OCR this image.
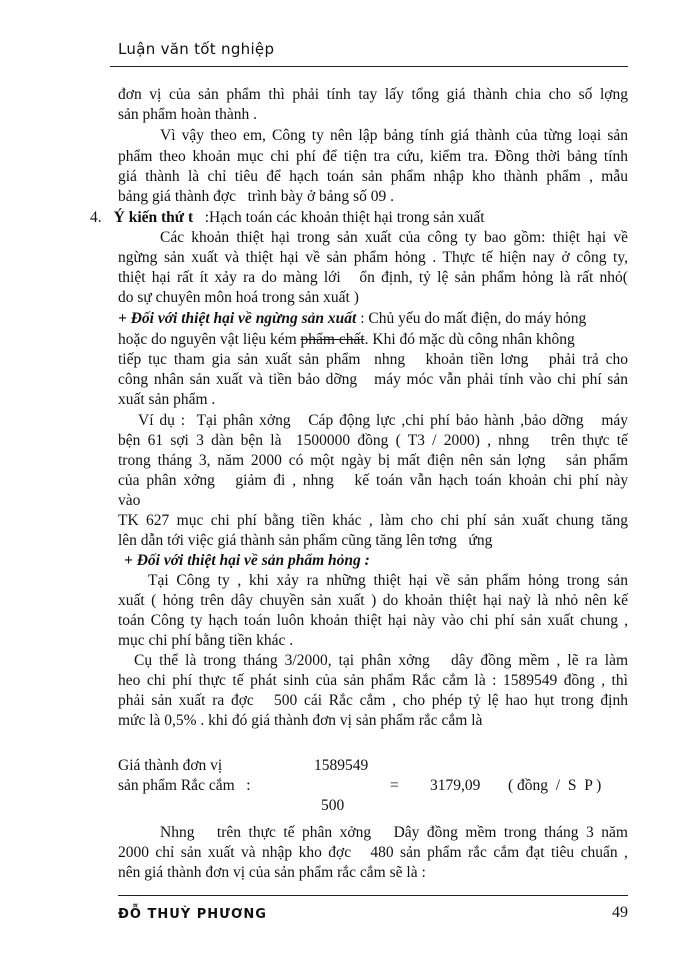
Luận văn tốt nghiệp
đơn vị của sản phẩm thì phải tính tay lấy tổng giá thành chia cho số lợng
sản phẩm hoàn thành .
Vì vậy theo em, Công ty nên lập bảng tính giá thành của từng loại sản
phẩm theo khoản mục chi phí để tiện tra cứu, kiểm tra. Đồng thời bảng tính
giá thành là chỉ tiêu để hạch toán sản phẩm nhập kho thành phẩm , mẫu
bảng giá thành đợc   trình bày ở bảng số 09 .
4. Ý kiến thứ t   :Hạch toán các khoản thiệt hại trong sản xuất
Các khoản thiệt hại trong sản xuất của công ty bao gồm: thiệt hại về
ngừng sản xuất và thiệt hại về sản phẩm hỏng . Thực tế hiện nay ở công ty,
thiệt hại rất ít xảy ra do màng lới   ổn định, tỷ lệ sản phẩm hỏng là rất nhỏ(
do sự chuyên môn hoá trong sản xuất )
+ Đối với thiệt hại về ngừng sản xuất : Chủ yếu do mất điện, do máy hỏng
hoặc do nguyên vật liệu kém phẩm chất. Khi đó mặc dù công nhân không
tiếp tục tham gia sản xuất sản phẩm  nhng   khoản tiền lơng   phải trả cho
công nhân sản xuất và tiền bảo dỡng   máy móc vẫn phải tính vào chi phí sản
xuất sản phẩm .
Ví dụ :  Tại phân xởng   Cáp động lực ,chi phí bảo hành ,bảo dỡng   máy
bện 61 sợi 3 dàn bện là  1500000 đồng ( T3 / 2000) , nhng   trên thực tế
trong tháng 3, năm 2000 có một ngày bị mất điện nên sản lợng   sản phẩm
của phân xởng   giảm đi , nhng   kế toán vẫn hạch toán khoản chi phí này
vào
TK 627 mục chi phí bằng tiền khác , làm cho chi phí sản xuất chung tăng
lên dẫn tới việc giá thành sản phẩm cũng tăng lên tơng   ứng
+ Đối với thiệt hại về sản phẩm hỏng :
Tại Công ty , khi xảy ra những thiệt hại về sản phẩm hỏng trong sản
xuất ( hỏng trên dây chuyền sản xuất ) do khoản thiệt hại naỳ là nhỏ nên kế
toán Công ty hạch toán luôn khoản thiệt hại này vào chi phí sản xuất chung ,
mục chi phí bằng tiền khác .
Cụ thể là trong tháng 3/2000, tại phân xởng   dây đồng mềm , lẽ ra làm
heo chi phí thực tế phát sinh của sản phẩm Rắc cắm là : 1589549 đồng , thì
phải sản xuất ra đợc   500 cái Rắc cắm , cho phép tỷ lệ hao hụt trong định
mức là 0,5% . khi đó giá thành đơn vị sản phẩm rắc cắm là
Giá thành đơn vị
sản phẩm Rắc cắm   :
1589549
500
= 3179,09 ( đồng  /  S  P )
Nhng   trên thực tế phân xởng   Dây đồng mềm trong tháng 3 năm
2000 chỉ sản xuất và nhập kho đợc   480 sản phẩm rắc cắm đạt tiêu chuẩn ,
nên giá thành đơn vị của sản phẩm rắc cắm sẽ là :
ĐỖ THUỲ PHƯƠNG	49
